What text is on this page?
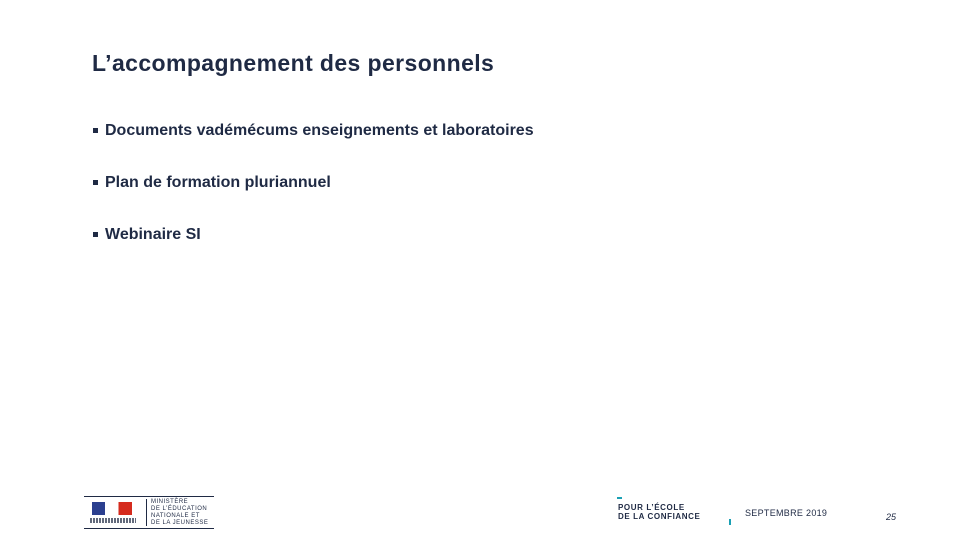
L’accompagnement des personnels
Documents vadémécums enseignements et laboratoires
Plan de formation pluriannuel
Webinaire SI
MINISTÈRE
DE L’ÉDUCATION
NATIONALE ET
DE LA JEUNESSE
POUR L’ÉCOLE
DE LA CONFIANCE	SEPTEMBRE 2019	25
